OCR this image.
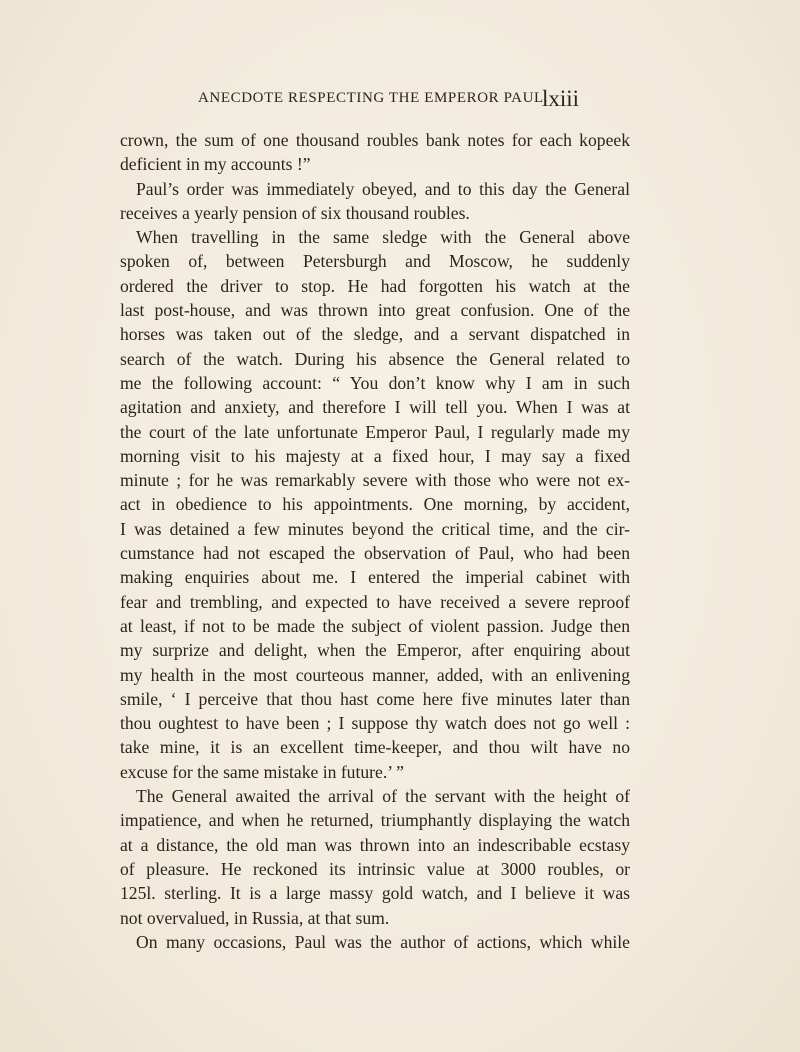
ANECDOTE RESPECTING THE EMPEROR PAUL.
lxiii
crown, the sum of one thousand roubles bank notes for each kopeek
deficient in my accounts !”
Paul’s order was immediately obeyed, and to this day the General
receives a yearly pension of six thousand roubles.
When travelling in the same sledge with the General above
spoken of, between Petersburgh and Moscow, he suddenly
ordered the driver to stop. He had forgotten his watch at the
last post-house, and was thrown into great confusion. One of the
horses was taken out of the sledge, and a servant dispatched in
search of the watch. During his absence the General related to
me the following account: “ You don’t know why I am in such
agitation and anxiety, and therefore I will tell you. When I was at
the court of the late unfortunate Emperor Paul, I regularly made my
morning visit to his majesty at a fixed hour, I may say a fixed
minute ; for he was remarkably severe with those who were not ex-
act in obedience to his appointments. One morning, by accident,
I was detained a few minutes beyond the critical time, and the cir-
cumstance had not escaped the observation of Paul, who had been
making enquiries about me. I entered the imperial cabinet with
fear and trembling, and expected to have received a severe reproof
at least, if not to be made the subject of violent passion. Judge then
my surprize and delight, when the Emperor, after enquiring about
my health in the most courteous manner, added, with an enlivening
smile, ‘ I perceive that thou hast come here five minutes later than
thou oughtest to have been ; I suppose thy watch does not go well :
take mine, it is an excellent time-keeper, and thou wilt have no
excuse for the same mistake in future.’ ”
The General awaited the arrival of the servant with the height of
impatience, and when he returned, triumphantly displaying the watch
at a distance, the old man was thrown into an indescribable ecstasy
of pleasure. He reckoned its intrinsic value at 3000 roubles, or
125l. sterling. It is a large massy gold watch, and I believe it was
not overvalued, in Russia, at that sum.
On many occasions, Paul was the author of actions, which while
